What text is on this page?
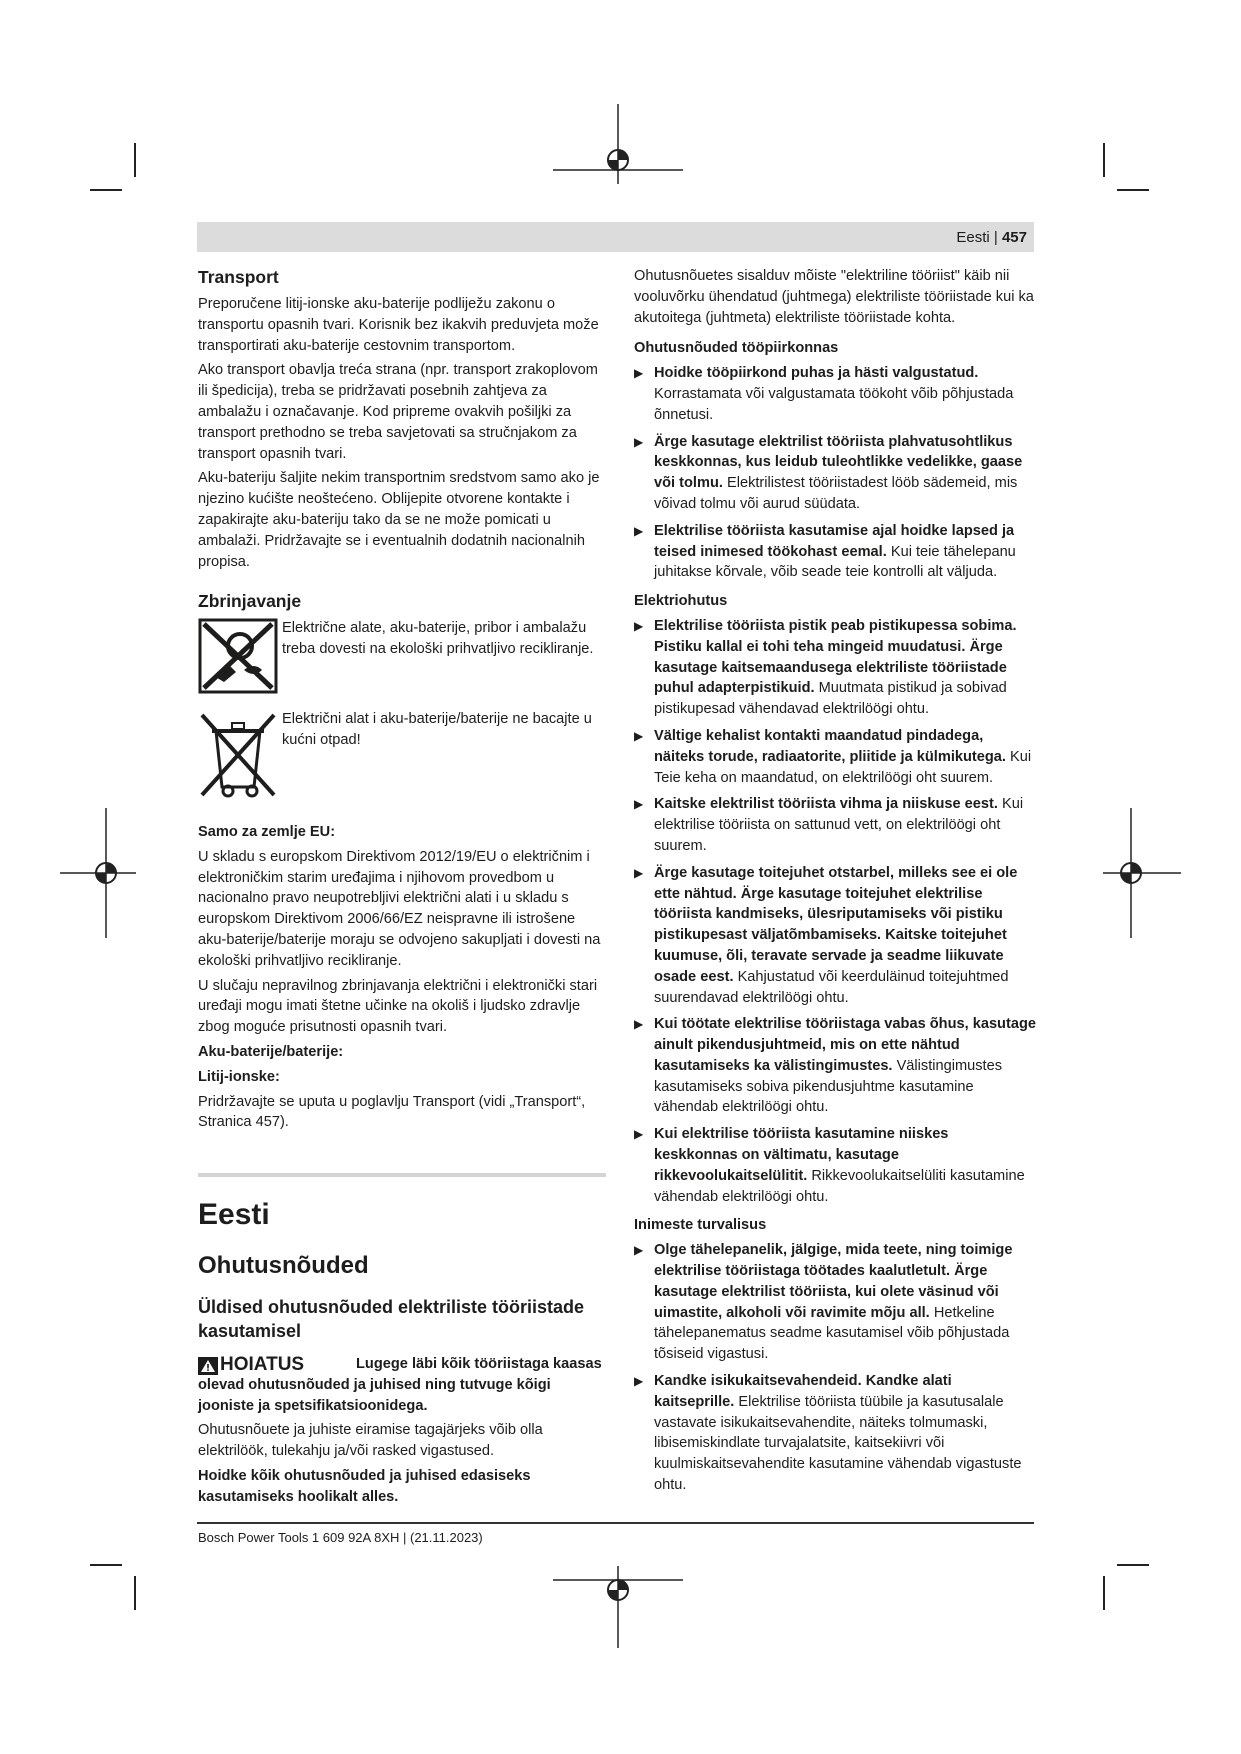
Eesti | 457
Transport

Preporučene litij-ionske aku-baterije podliježu zakonu o transportu opasnih tvari. Korisnik bez ikakvih preduvjeta može transportirati aku-baterije cestovnim transportom.

Ako transport obavlja treća strana (npr. transport zrakoplovom ili špedicija), treba se pridržavati posebnih zahtjeva za ambalažu i označavanje. Kod pripreme ovakvih pošiljki za transport prethodno se treba savjetovati sa stručnjakom za transport opasnih tvari.

Aku-bateriju šaljite nekim transportnim sredstvom samo ako je njezino kućište neoštećeno. Oblijepite otvorene kontakte i zapakirajte aku-bateriju tako da se ne može pomicati u ambalaži. Pridržavajte se i eventualnih dodatnih nacionalnih propisa.

Zbrinjavanje
Električne alate, aku-baterije, pribor i ambalažu treba dovesti na ekološki prihvatljivo recikliranje.
Električni alat i aku-baterije/baterije ne bacajte u kućni otpad!

Samo za zemlje EU:

U skladu s europskom Direktivom 2012/19/EU o električnim i elektroničkim starim uređajima i njihovom provedbom u nacionalno pravo neupotrebljivi električni alati i u skladu s europskom Direktivom 2006/66/EZ neispravne ili istrošene aku-baterije/baterije moraju se odvojeno sakupljati i dovesti na ekološki prihvatljivo recikliranje.

U slučaju nepravilnog zbrinjavanja električni i elektronički stari uređaji mogu imati štetne učinke na okoliš i ljudsko zdravlje zbog moguće prisutnosti opasnih tvari.

Aku-baterije/baterije:

Litij-ionske:

Pridržavajte se uputa u poglavlju Transport (vidi „Transport“, Stranica 457).

Eesti
Ohutusnõuded
Üldised ohutusnõuded elektriliste tööriistade kasutamisel
HOIATUS	Lugege läbi kõik tööriistaga kaasas olevad ohutusnõuded ja juhised ning tutvuge kõigi jooniste ja spetsifikatsioonidega.

Ohutusnõuete ja juhiste eiramise tagajärjeks võib olla elektrilöök, tulekahju ja/või rasked vigastused.

Hoidke kõik ohutusnõuded ja juhised edasiseks kasutamiseks hoolikalt alles.

Ohutusnõuetes sisalduv mõiste "elektriline tööriist" käib nii vooluvõrku ühendatud (juhtmega) elektriliste tööriistade kui ka akutoitega (juhtmeta) elektriliste tööriistade kohta.

Ohutusnõuded tööpiirkonnas
▶ Hoidke tööpiirkond puhas ja hästi valgustatud. Korrastamata või valgustamata töökoht võib põhjustada õnnetusi.
▶ Ärge kasutage elektrilist tööriista plahvatusohtlikus keskkonnas, kus leidub tuleohtlikke vedelikke, gaase või tolmu. Elektrilistest tööriistadest lööb sädemeid, mis võivad tolmu või aurud süüdata.
▶ Elektrilise tööriista kasutamise ajal hoidke lapsed ja teised inimesed töökohast eemal. Kui teie tähelepanu juhitakse kõrvale, võib seade teie kontrolli alt väljuda.
Elektriohutus
▶ Elektrilise tööriista pistik peab pistikupessa sobima. Pistiku kallal ei tohi teha mingeid muudatusi. Ärge kasutage kaitsemaandusega elektriliste tööriistade puhul adapterpistikuid. Muutmata pistikud ja sobivad pistikupesad vähendavad elektrilöögi ohtu.
▶ Vältige kehalist kontakti maandatud pindadega, näiteks torude, radiaatorite, pliitide ja külmikutega. Kui Teie keha on maandatud, on elektrilöögi oht suurem.
▶ Kaitske elektrilist tööriista vihma ja niiskuse eest. Kui elektrilise tööriista on sattunud vett, on elektrilöögi oht suurem.
▶ Ärge kasutage toitejuhet otstarbel, milleks see ei ole ette nähtud. Ärge kasutage toitejuhet elektrilise tööriista kandmiseks, ülesriputamiseks või pistiku pistikupesast väljatõmbamiseks. Kaitske toitejuhet kuumuse, õli, teravate servade ja seadme liikuvate osade eest. Kahjustatud või keerduläinud toitejuhtmed suurendavad elektrilöögi ohtu.
▶ Kui töötate elektrilise tööriistaga vabas õhus, kasutage ainult pikendusjuhtmeid, mis on ette nähtud kasutamiseks ka välistingimustes. Välistingimustes kasutamiseks sobiva pikendusjuhtme kasutamine vähendab elektrilöögi ohtu.
▶ Kui elektrilise tööriista kasutamine niiskes keskkonnas on vältimatu, kasutage rikkevoolukaitselülitit. Rikkevoolukaitselüliti kasutamine vähendab elektrilöögi ohtu.
Inimeste turvalisus
▶ Olge tähelepanelik, jälgige, mida teete, ning toimige elektrilise tööriistaga töötades kaalutletult. Ärge kasutage elektrilist tööriista, kui olete väsinud või uimastite, alkoholi või ravimite mõju all. Hetkeline tähelepanematus seadme kasutamisel võib põhjustada tõsiseid vigastusi.
▶ Kandke isikukaitsevahendeid. Kandke alati kaitseprille. Elektrilise tööriista tüübile ja kasutusalale vastavate isikukaitsevahendite, näiteks tolmumaski, libisemiskindlate turvajalatsite, kaitsekiivri või kuulmiskaitsevahendite kasutamine vähendab vigastuste ohtu.
Bosch Power Tools 1 609 92A 8XH | (21.11.2023)
